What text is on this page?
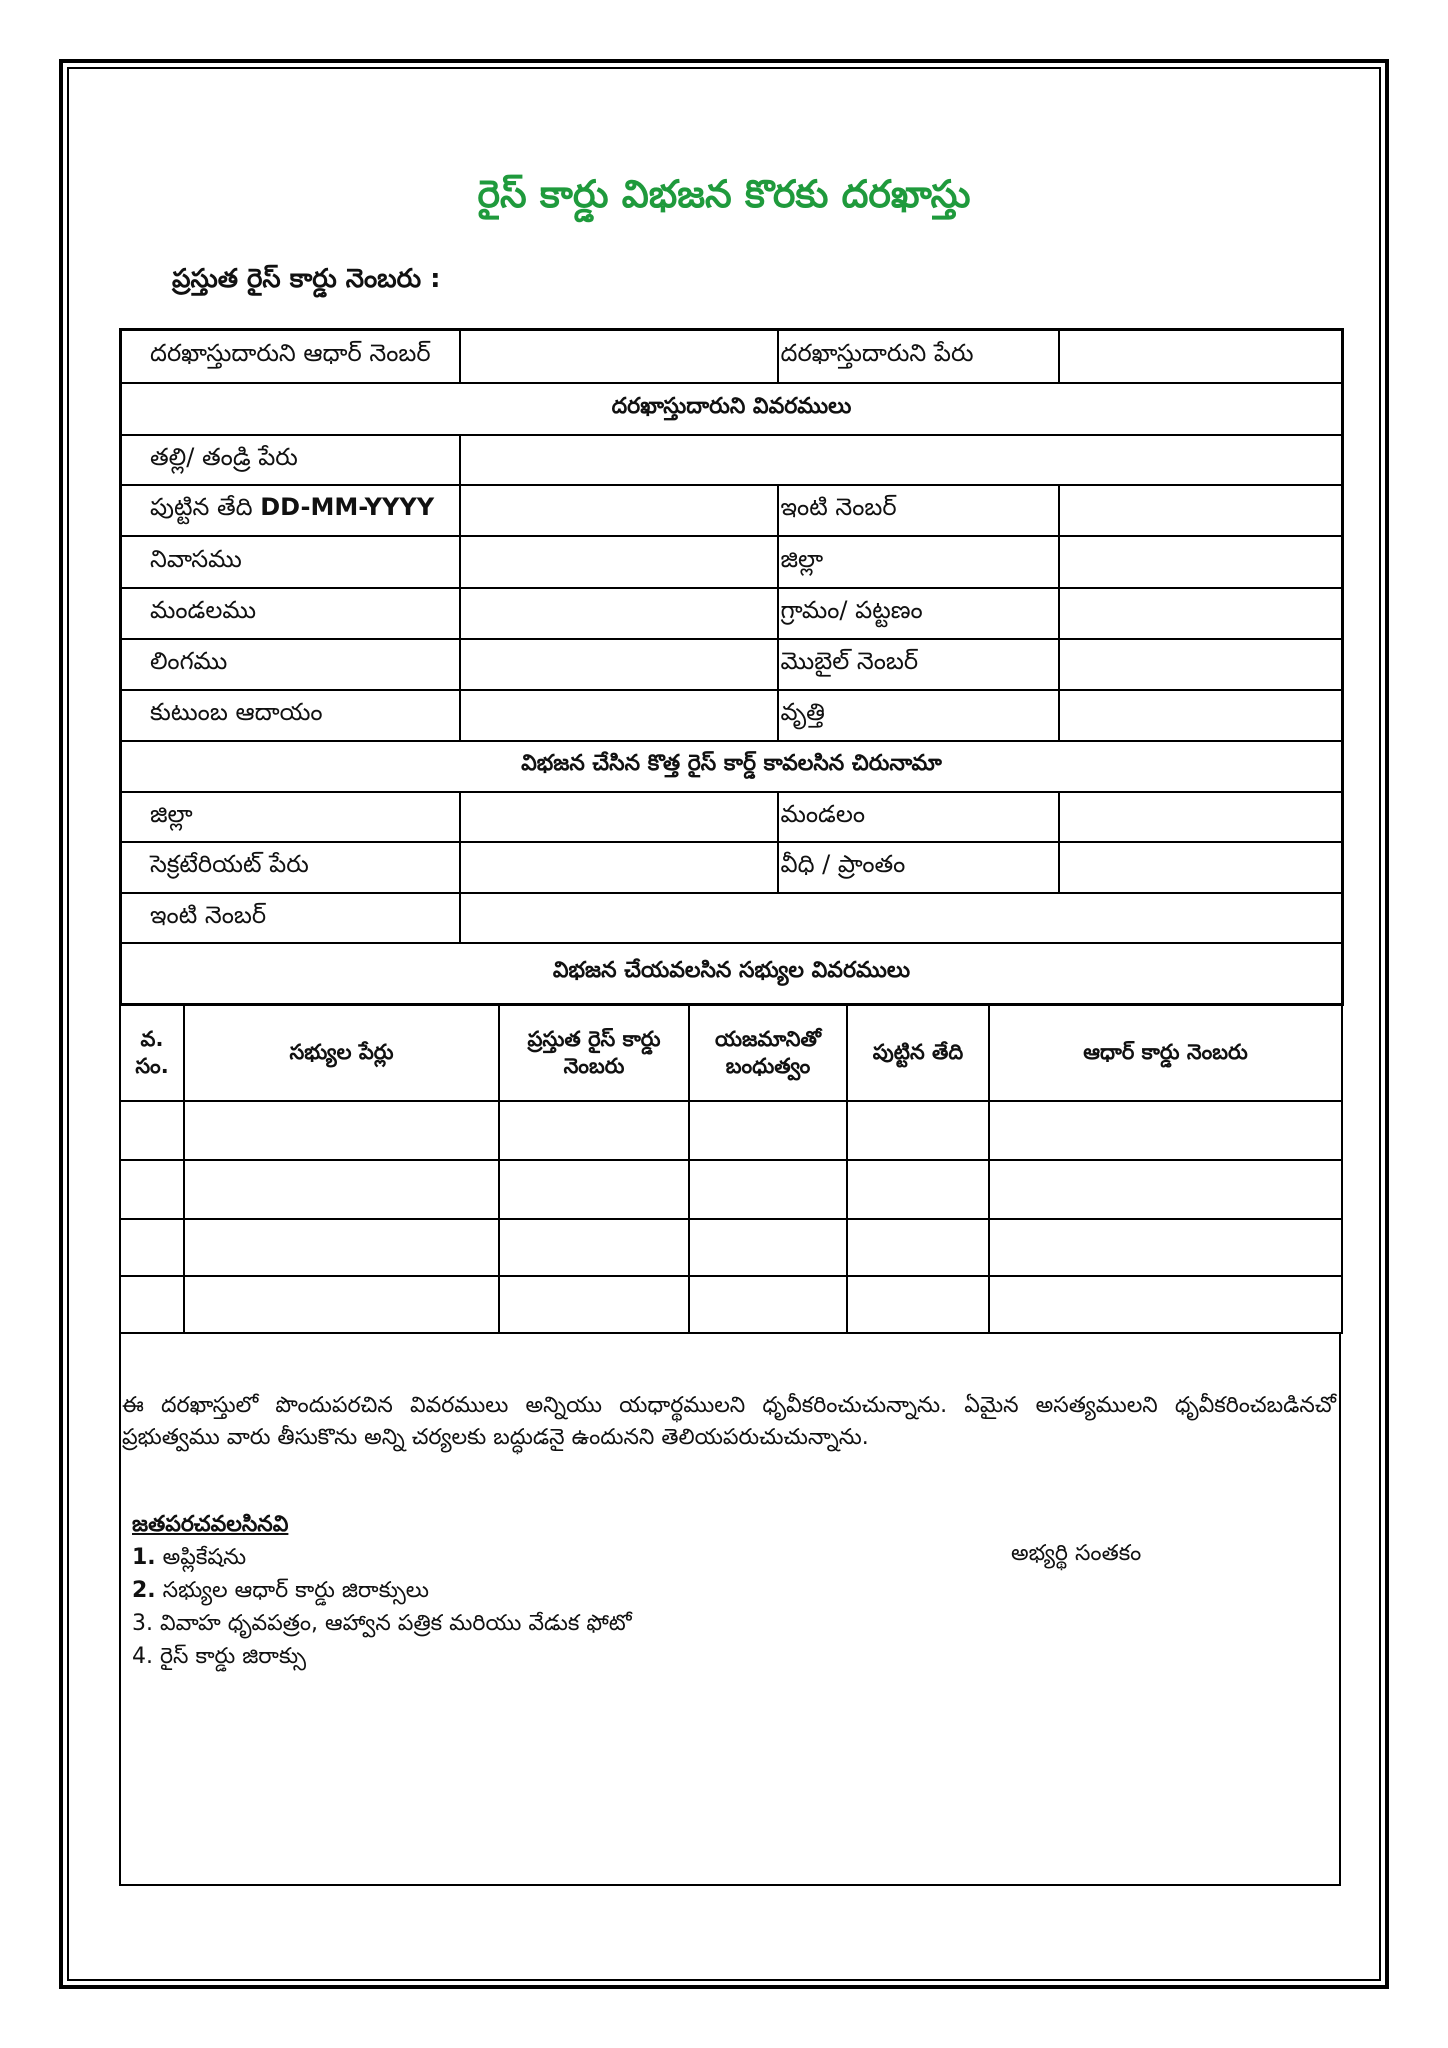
రైస్ కార్డు విభజన కొరకు దరఖాస్తు
ప్రస్తుత రైస్ కార్డు నెంబరు :
దరఖాస్తుదారుని ఆధార్ నెంబర్		దరఖాస్తుదారుని పేరు	
దరఖాస్తుదారుని వివరములు			
తల్లి/ తండ్రి పేరు			
పుట్టిన తేది DD-MM-YYYY		ఇంటి నెంబర్	
నివాసము		జిల్లా	
మండలము		గ్రామం/ పట్టణం	
లింగము		మొబైల్ నెంబర్	
కుటుంబ ఆదాయం		వృత్తి	
విభజన చేసిన కొత్త రైస్ కార్డ్ కావలసిన చిరునామా			
జిల్లా		మండలం	
సెక్రటేరియట్ పేరు		వీధి / ప్రాంతం	
ఇంటి నెంబర్			
విభజన చేయవలసిన సభ్యుల వివరములు			
వ. సం.	సభ్యుల పేర్లు	ప్రస్తుత రైస్ కార్డు నెంబరు	యజమానితో బంధుత్వం	పుట్టిన తేది	ఆధార్ కార్డు నెంబరు

ఈ దరఖాస్తులో పొందుపరచిన వివరములు అన్నియు యధార్థములని ధృవీకరించుచున్నాను. ఏమైన అసత్యములని ధృవీకరించబడినచో ప్రభుత్వము వారు తీసుకొను అన్ని చర్యలకు బద్ధుడనై ఉందునని తెలియపరుచుచున్నాను.
జతపరచవలసినవి
1. అప్లికేషను
2. సభ్యుల ఆధార్ కార్డు జిరాక్సులు
3. వివాహ ధృవపత్రం, ఆహ్వాన పత్రిక మరియు వేడుక ఫోటో
4. రైస్ కార్డు జిరాక్సు
అభ్యర్థి సంతకం
